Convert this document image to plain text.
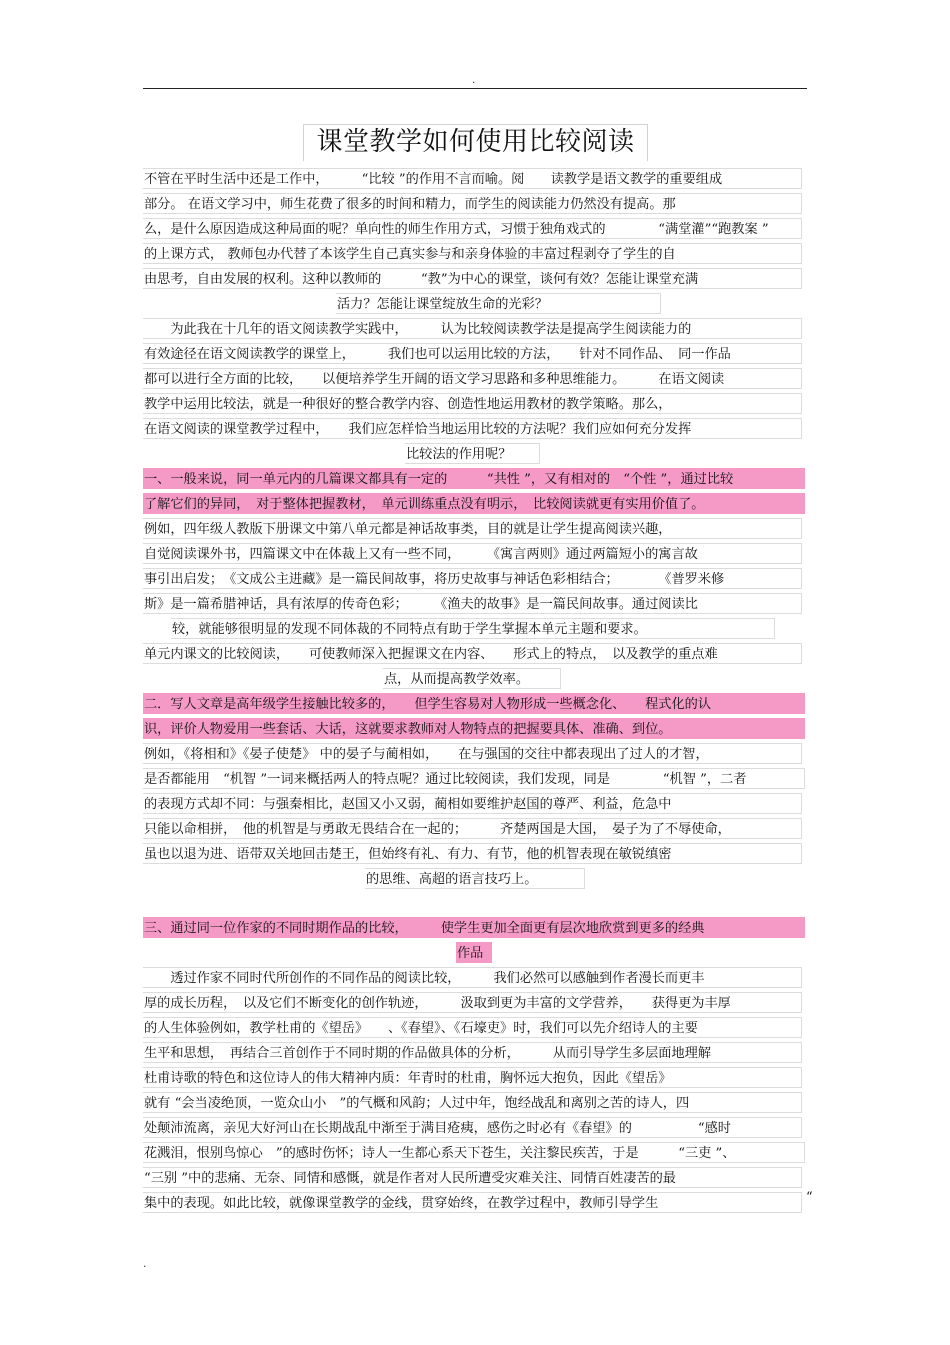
.
课堂教学如何使用比较阅读
不管在平时生活中还是工作中，　　　“比较 ”的作用不言而喻。阅　　读教学是语文教学的重要组成
部分。 在语文学习中，师生花费了很多的时间和精力，而学生的阅读能力仍然没有提高。那
么，是什么原因造成这种局面的呢？单向性的师生作用方式，习惯于独角戏式的　　　　“满堂灌”“跑教案 ”
的上课方式， 教师包办代替了本该学生自己真实参与和亲身体验的丰富过程剥夺了学生的自
由思考，自由发展的权利。这种以教师的　　　“教”为中心的课堂，谈何有效？怎能让课堂充满
活力？怎能让课堂绽放生命的光彩？
　　为此我在十几年的语文阅读教学实践中，　　　认为比较阅读教学法是提高学生阅读能力的
有效途径在语文阅读教学的课堂上，　　　我们也可以运用比较的方法，　　针对不同作品、　同一作品
都可以进行全方面的比较，　　以便培养学生开阔的语文学习思路和多种思维能力。　　　在语文阅读
教学中运用比较法，就是一种很好的整合教学内容、创造性地运用教材的教学策略。那么，
在语文阅读的课堂教学过程中，　　我们应怎样恰当地运用比较的方法呢？我们应如何充分发挥
比较法的作用呢？
一、一般来说，同一单元内的几篇课文都具有一定的　　　“共性 ”，又有相对的　“个性 ”，通过比较
了解它们的异同，　对于整体把握教材，　单元训练重点没有明示，　比较阅读就更有实用价值了。
例如，四年级人教版下册课文中第八单元都是神话故事类，目的就是让学生提高阅读兴趣，
自觉阅读课外书，四篇课文中在体裁上又有一些不同，　　　《寓言两则》通过两篇短小的寓言故
事引出启发；　《文成公主进藏》是一篇民间故事，将历史故事与神话色彩相结合；　　　　《普罗米修
斯》是一篇希腊神话，具有浓厚的传奇色彩；　　　《渔夫的故事》是一篇民间故事。通过阅读比
较，就能够很明显的发现不同体裁的不同特点有助于学生掌握本单元主题和要求。
单元内课文的比较阅读，　　可使教师深入把握课文在内容、　　形式上的特点，　以及教学的重点难
点，从而提高教学效率。
二．写人文章是高年级学生接触比较多的，　　但学生容易对人物形成一些概念化、　　程式化的认
识，评价人物爱用一些套话、大话，这就要求教师对人物特点的把握要具体、准确、到位。
例如，《将相和》《晏子使楚》 中的晏子与蔺相如，　　在与强国的交往中都表现出了过人的才智，
是否都能用　“机智 ”一词来概括两人的特点呢？通过比较阅读，我们发现，同是　　　　“机智 ”，二者
的表现方式却不同：与强秦相比，赵国又小又弱，蔺相如要维护赵国的尊严、利益，危急中
只能以命相拼，　他的机智是与勇敢无畏结合在一起的；　　　齐楚两国是大国，　晏子为了不辱使命，
虽也以退为进、语带双关地回击楚王，但始终有礼、有力、有节，他的机智表现在敏锐缜密
的思维、高超的语言技巧上。
三、通过同一位作家的不同时期作品的比较，　　　使学生更加全面更有层次地欣赏到更多的经典
作品
　　透过作家不同时代所创作的不同作品的阅读比较，　　　我们必然可以感触到作者漫长而更丰
厚的成长历程，　以及它们不断变化的创作轨迹，　　　汲取到更为丰富的文学营养，　　获得更为丰厚
的人生体验例如，教学杜甫的《望岳》　　、《春望》、《石壕吏》时，我们可以先介绍诗人的主要
生平和思想，　再结合三首创作于不同时期的作品做具体的分析，　　　从而引导学生多层面地理解
杜甫诗歌的特色和这位诗人的伟大精神内质：年青时的杜甫，胸怀远大抱负，因此《望岳》
就有 “会当凌绝顶，一览众山小　”的气概和风韵；人过中年，饱经战乱和离别之苦的诗人，四
处颠沛流离，亲见大好河山在长期战乱中渐至于满目疮痍，感伤之时必有《春望》的　　　　　“感时
花溅泪，恨别鸟惊心　”的感时伤怀；诗人一生都心系天下苍生，关注黎民疾苦，于是　　　“三吏 ”、
“三别 ”中的悲痛、无奈、同情和感慨，就是作者对人民所遭受灾难关注、同情百姓凄苦的最
集中的表现。如此比较，就像课堂教学的金线，贯穿始终，在教学过程中，教师引导学生	“
.
